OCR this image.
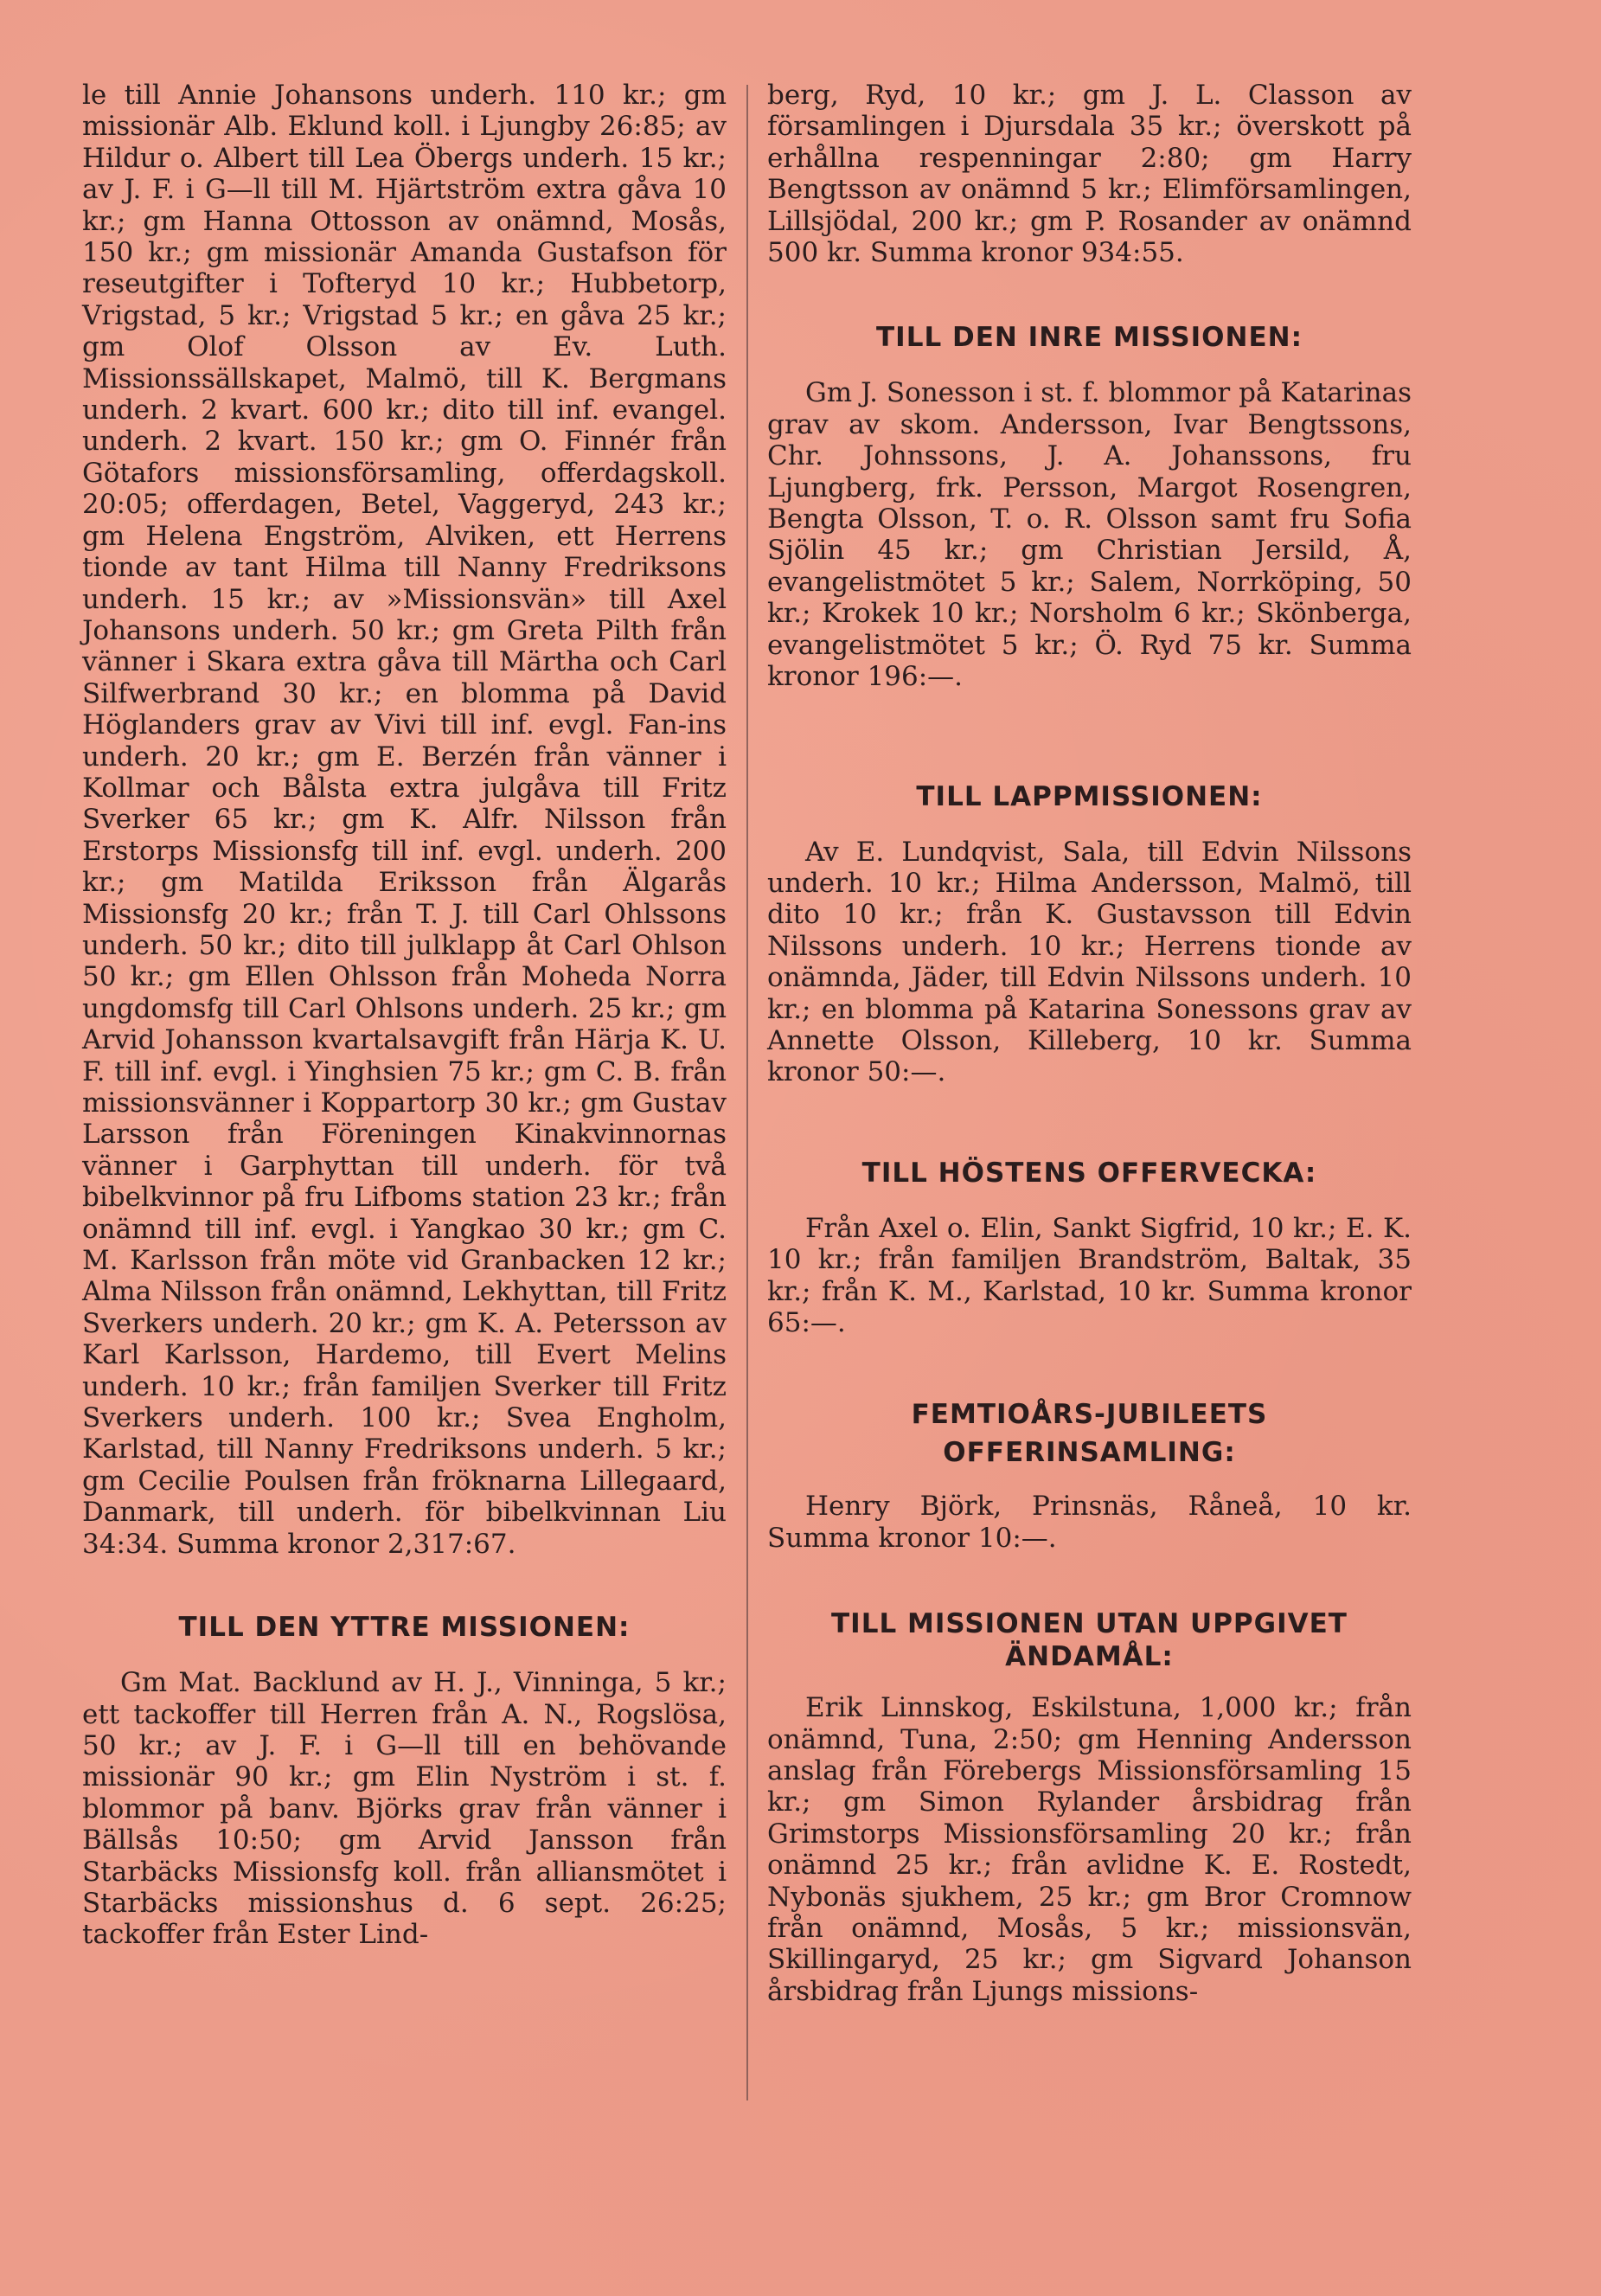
le till Annie Johansons underh. 110 kr.; gm missionär Alb. Eklund koll. i Ljungby 26:85; av Hildur o. Albert till Lea Öbergs underh. 15 kr.; av J. F. i G—ll till M. Hjärtström extra gåva 10 kr.; gm Hanna Ottosson av onämnd, Mosås, 150 kr.; gm missionär Amanda Gustafson för reseutgifter i Tofteryd 10 kr.; Hubbetorp, Vrigstad, 5 kr.; Vrigstad 5 kr.; en gåva 25 kr.; gm Olof Olsson av Ev. Luth. Missionssällskapet, Malmö, till K. Bergmans underh. 2 kvart. 600 kr.; dito till inf. evangel. underh. 2 kvart. 150 kr.; gm O. Finnér från Götafors missionsförsamling, offerdagskoll. 20:05; offerdagen, Betel, Vaggeryd, 243 kr.; gm Helena Engström, Alviken, ett Herrens tionde av tant Hilma till Nanny Fredriksons underh. 15 kr.; av »Missionsvän» till Axel Johansons underh. 50 kr.; gm Greta Pilth från vänner i Skara extra gåva till Märtha och Carl Silfwerbrand 30 kr.; en blomma på David Höglanders grav av Vivi till inf. evgl. Fan-ins underh. 20 kr.; gm E. Berzén från vänner i Kollmar och Bålsta extra julgåva till Fritz Sverker 65 kr.; gm K. Alfr. Nilsson från Erstorps Missionsfg till inf. evgl. underh. 200 kr.; gm Matilda Eriksson från Älgarås Missionsfg 20 kr.; från T. J. till Carl Ohlssons underh. 50 kr.; dito till julklapp åt Carl Ohlson 50 kr.; gm Ellen Ohlsson från Moheda Norra ungdomsfg till Carl Ohlsons underh. 25 kr.; gm Arvid Johansson kvartalsavgift från Härja K. U. F. till inf. evgl. i Yinghsien 75 kr.; gm C. B. från missionsvänner i Koppartorp 30 kr.; gm Gustav Larsson från Föreningen Kinakvinnornas vänner i Garphyttan till underh. för två bibelkvinnor på fru Lifboms station 23 kr.; från onämnd till inf. evgl. i Yangkao 30 kr.; gm C. M. Karlsson från möte vid Granbacken 12 kr.; Alma Nilsson från onämnd, Lekhyttan, till Fritz Sverkers underh. 20 kr.; gm K. A. Petersson av Karl Karlsson, Hardemo, till Evert Melins underh. 10 kr.; från familjen Sverker till Fritz Sverkers underh. 100 kr.; Svea Engholm, Karlstad, till Nanny Fredriksons underh. 5 kr.; gm Cecilie Poulsen från fröknarna Lillegaard, Danmark, till underh. för bibelkvinnan Liu 34:34. Summa kronor 2,317:67.

TILL DEN YTTRE MISSIONEN:

Gm Mat. Backlund av H. J., Vinninga, 5 kr.; ett tackoffer till Herren från A. N., Rogslösa, 50 kr.; av J. F. i G—ll till en behövande missionär 90 kr.; gm Elin Nyström i st. f. blommor på banv. Björks grav från vänner i Bällsås 10:50; gm Arvid Jansson från Starbäcks Missionsfg koll. från alliansmötet i Starbäcks missionshus d. 6 sept. 26:25; tackoffer från Ester Lind-

berg, Ryd, 10 kr.; gm J. L. Classon av församlingen i Djursdala 35 kr.; överskott på erhållna respenningar 2:80; gm Harry Bengtsson av onämnd 5 kr.; Elimförsamlingen, Lillsjödal, 200 kr.; gm P. Rosander av onämnd 500 kr. Summa kronor 934:55.

TILL DEN INRE MISSIONEN:

Gm J. Sonesson i st. f. blommor på Katarinas grav av skom. Andersson, Ivar Bengtssons, Chr. Johnssons, J. A. Johanssons, fru Ljungberg, frk. Persson, Margot Rosengren, Bengta Olsson, T. o. R. Olsson samt fru Sofia Sjölin 45 kr.; gm Christian Jersild, Å, evangelistmötet 5 kr.; Salem, Norrköping, 50 kr.; Krokek 10 kr.; Norsholm 6 kr.; Skönberga, evangelistmötet 5 kr.; Ö. Ryd 75 kr. Summa kronor 196:—.

TILL LAPPMISSIONEN:

Av E. Lundqvist, Sala, till Edvin Nilssons underh. 10 kr.; Hilma Andersson, Malmö, till dito 10 kr.; från K. Gustavsson till Edvin Nilssons underh. 10 kr.; Herrens tionde av onämnda, Jäder, till Edvin Nilssons underh. 10 kr.; en blomma på Katarina Sonessons grav av Annette Olsson, Killeberg, 10 kr. Summa kronor 50:—.

TILL HÖSTENS OFFERVECKA:

Från Axel o. Elin, Sankt Sigfrid, 10 kr.; E. K. 10 kr.; från familjen Brandström, Baltak, 35 kr.; från K. M., Karlstad, 10 kr. Summa kronor 65:—.

FEMTIOÅRS-JUBILEETS
OFFERINSAMLING:

Henry Björk, Prinsnäs, Råneå, 10 kr. Summa kronor 10:—.

TILL MISSIONEN UTAN UPPGIVET
ÄNDAMÅL:

Erik Linnskog, Eskilstuna, 1,000 kr.; från onämnd, Tuna, 2:50; gm Henning Andersson anslag från Förebergs Missionsförsamling 15 kr.; gm Simon Rylander årsbidrag från Grimstorps Missionsförsamling 20 kr.; från onämnd 25 kr.; från avlidne K. E. Rostedt, Nybonäs sjukhem, 25 kr.; gm Bror Cromnow från onämnd, Mosås, 5 kr.; missionsvän, Skillingaryd, 25 kr.; gm Sigvard Johanson årsbidrag från Ljungs missions-
